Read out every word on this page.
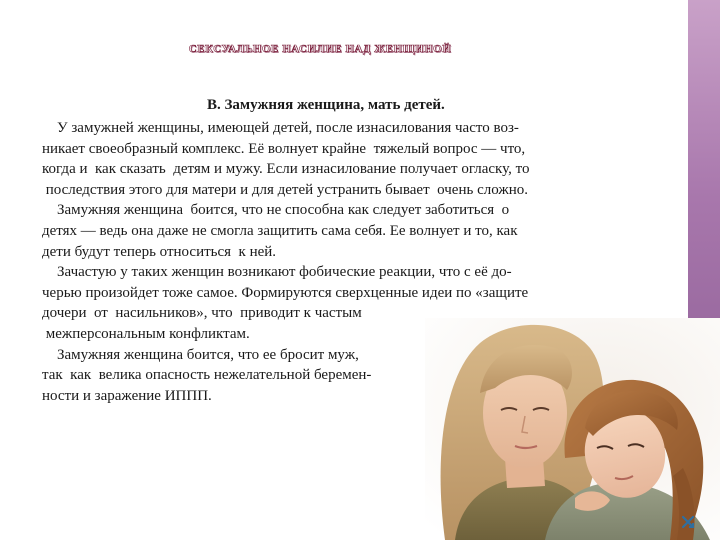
СЕКСУАЛЬНОЕ НАСИЛИЕ НАД ЖЕНЩИНОЙ
В. Замужняя женщина, мать детей.
У замужней женщины, имеющей детей, после изнасилования часто воз-
никает своеобразный комплекс. Её волнует крайне  тяжелый вопрос — что,
когда и  как сказать  детям и мужу. Если изнасилование получает огласку, то
последствия этого для матери и для детей устранить бывает  очень сложно.
Замужняя женщина  боится, что не способна как следует заботиться  о
детях — ведь она даже не смогла защитить сама себя. Ее волнует и то, как
дети будут теперь относиться  к ней.
Зачастую у таких женщин возникают фобические реакции, что с её до-
черью произойдет тоже самое. Формируются сверхценные идеи по «защите
дочери  от  насильников», что  приводит к частым
межперсональным конфликтам.
Замужняя женщина боится, что ее бросит муж,
так  как  велика опасность нежелательной беремен-
ности и заражение ИППП.
